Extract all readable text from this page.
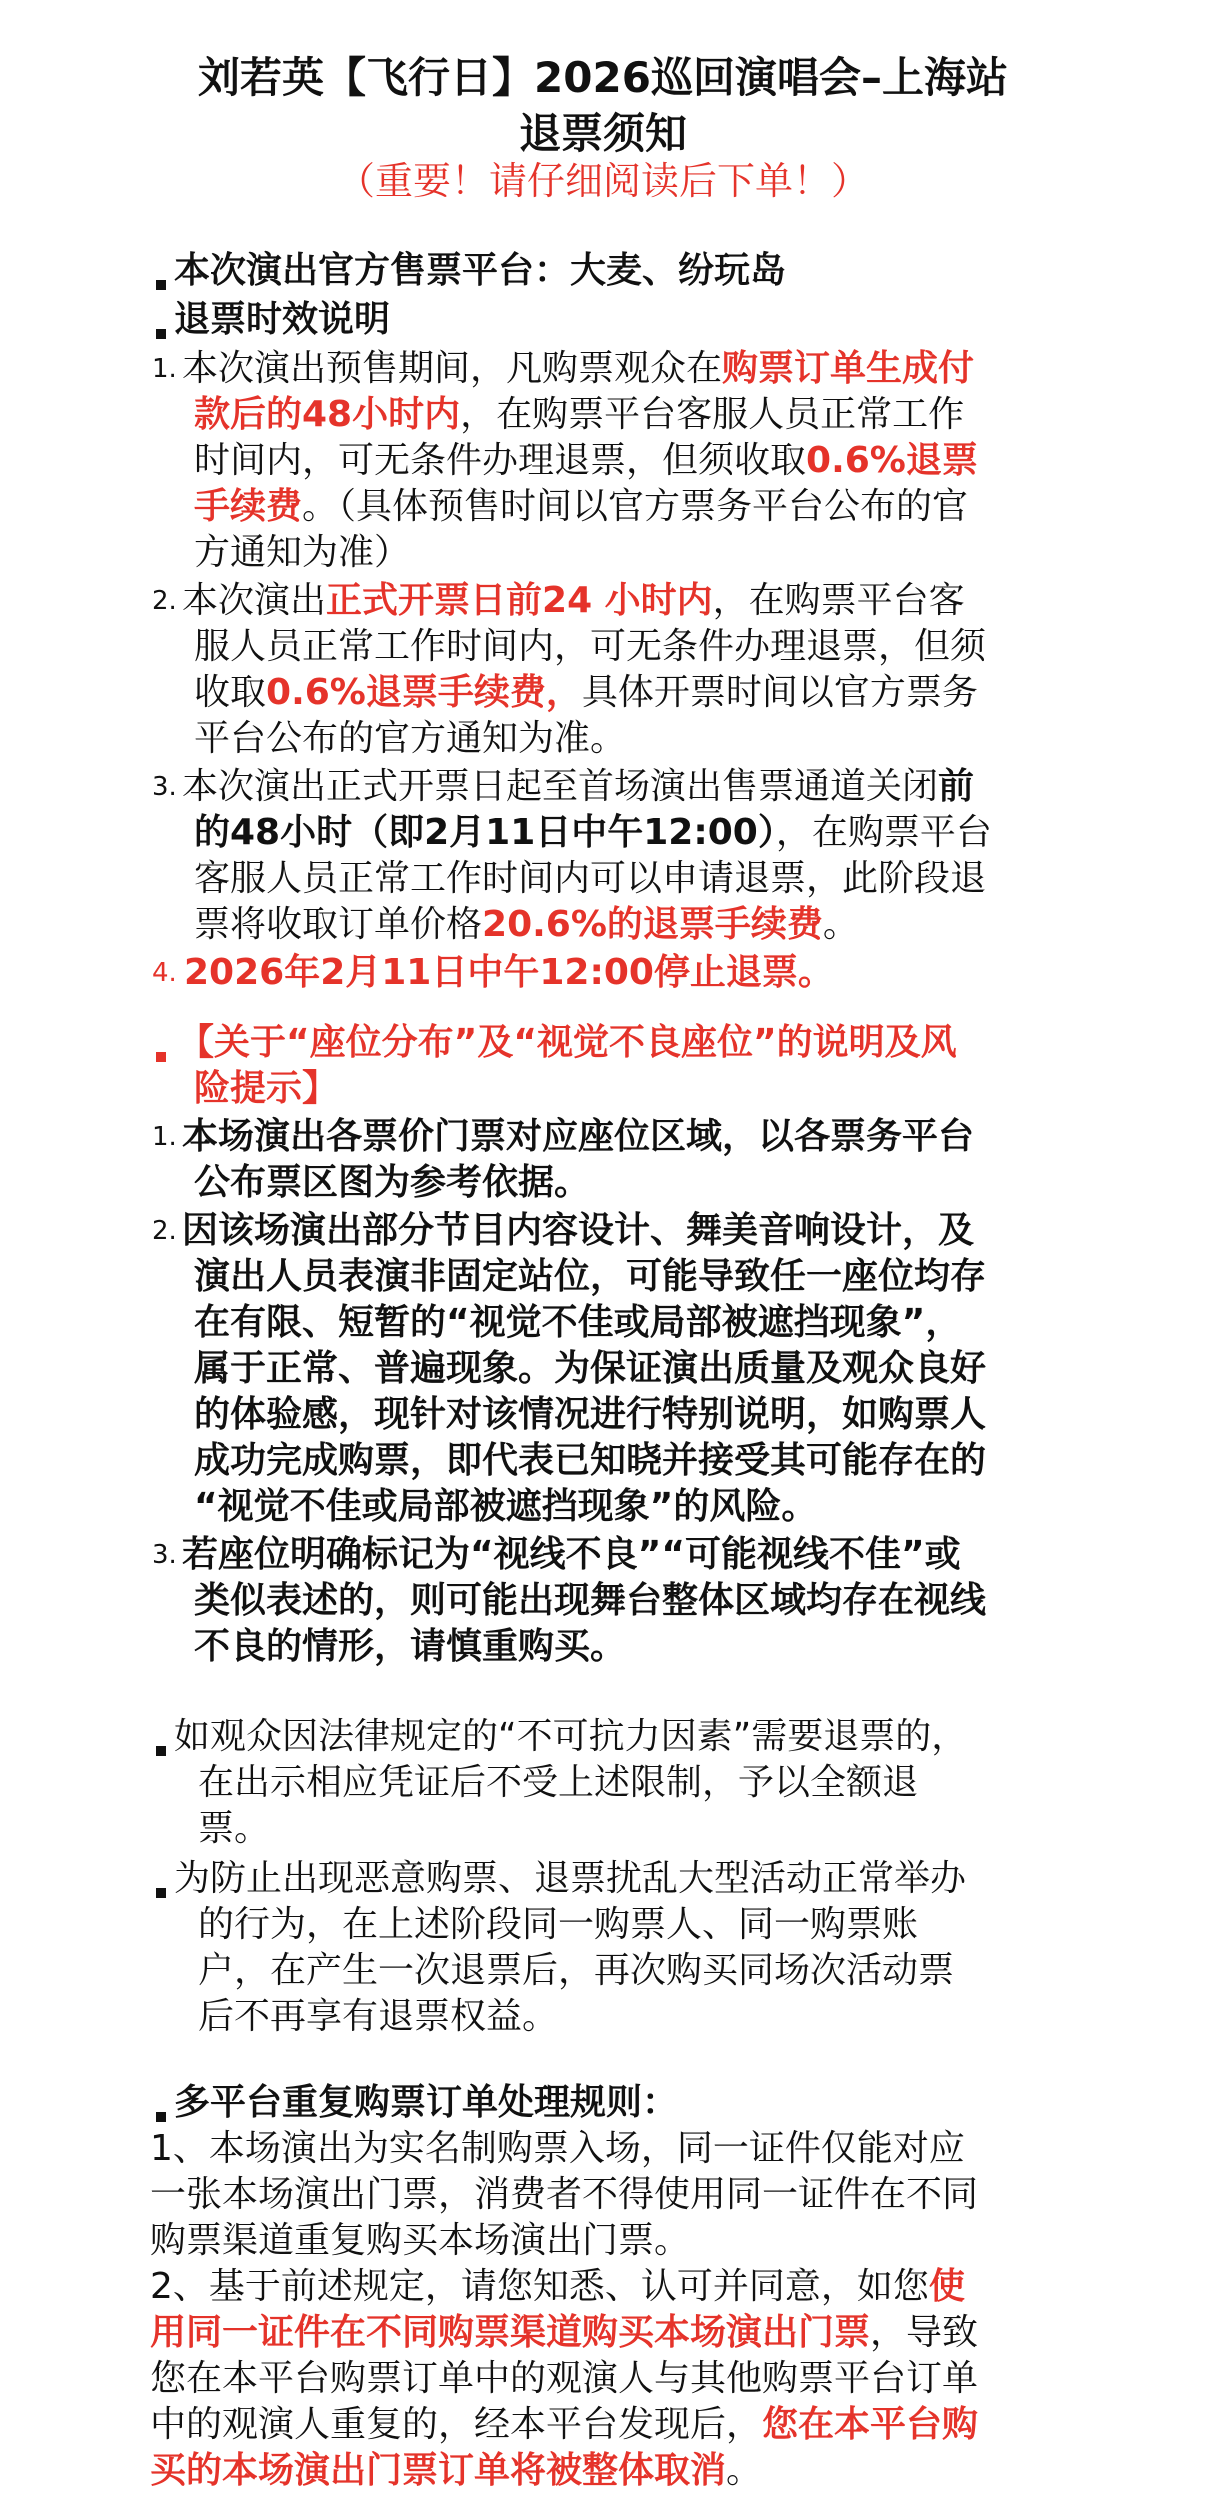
刘若英【飞行日】2026巡回演唱会–上海站
退票须知
（重要！请仔细阅读后下单！）
本次演出官方售票平台：大麦、纷玩岛
退票时效说明
1. 本次演出预售期间，凡购票观众在购票订单生成付
款后的48小时内，在购票平台客服人员正常工作
时间内，可无条件办理退票，但须收取0.6%退票
手续费。（具体预售时间以官方票务平台公布的官
方通知为准）
2. 本次演出正式开票日前24 小时内，在购票平台客
服人员正常工作时间内，可无条件办理退票，但须
收取0.6%退票手续费，具体开票时间以官方票务
平台公布的官方通知为准。
3. 本次演出正式开票日起至首场演出售票通道关闭前
的48小时（即2月11日中午12:00），在购票平台
客服人员正常工作时间内可以申请退票，此阶段退
票将收取订单价格20.6%的退票手续费。
4. 2026年2月11日中午12:00停止退票。
【关于“座位分布”及“视觉不良座位”的说明及风
险提示】
1. 本场演出各票价门票对应座位区域，以各票务平台
公布票区图为参考依据。
2. 因该场演出部分节目内容设计、舞美音响设计，及
演出人员表演非固定站位，可能导致任一座位均存
在有限、短暂的“视觉不佳或局部被遮挡现象”，
属于正常、普遍现象。为保证演出质量及观众良好
的体验感，现针对该情况进行特别说明，如购票人
成功完成购票，即代表已知晓并接受其可能存在的
“视觉不佳或局部被遮挡现象”的风险。
3. 若座位明确标记为“视线不良”“可能视线不佳”或
类似表述的，则可能出现舞台整体区域均存在视线
不良的情形，请慎重购买。
如观众因法律规定的“不可抗力因素”需要退票的，
在出示相应凭证后不受上述限制，予以全额退
票。
为防止出现恶意购票、退票扰乱大型活动正常举办
的行为，在上述阶段同一购票人、同一购票账
户，在产生一次退票后，再次购买同场次活动票
后不再享有退票权益。
多平台重复购票订单处理规则：
1、本场演出为实名制购票入场，同一证件仅能对应
一张本场演出门票，消费者不得使用同一证件在不同
购票渠道重复购买本场演出门票。
2、基于前述规定，请您知悉、认可并同意，如您使
用同一证件在不同购票渠道购买本场演出门票，导致
您在本平台购票订单中的观演人与其他购票平台订单
中的观演人重复的，经本平台发现后，您在本平台购
买的本场演出门票订单将被整体取消。
